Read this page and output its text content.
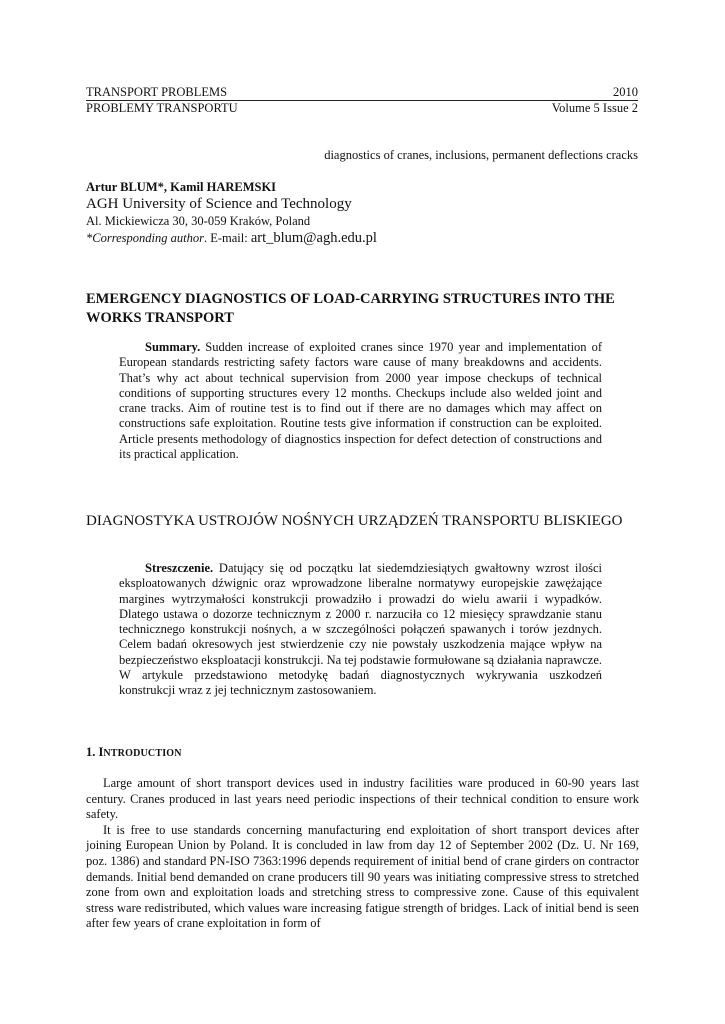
TRANSPORT PROBLEMS	2010
PROBLEMY TRANSPORTU	Volume 5 Issue 2
diagnostics of cranes, inclusions, permanent deflections cracks
Artur BLUM*, Kamil HAREMSKI
AGH University of Science and Technology
Al. Mickiewicza 30, 30-059 Kraków, Poland
*Corresponding author. E-mail: art_blum@agh.edu.pl
EMERGENCY DIAGNOSTICS OF LOAD-CARRYING STRUCTURES INTO THE WORKS TRANSPORT
Summary. Sudden increase of exploited cranes since 1970 year and implementation of European standards restricting safety factors ware cause of many breakdowns and accidents. That’s why act about technical supervision from 2000 year impose checkups of technical conditions of supporting structures every 12 months. Checkups include also welded joint and crane tracks. Aim of routine test is to find out if there are no damages which may affect on constructions safe exploitation. Routine tests give information if construction can be exploited. Article presents methodology of diagnostics inspection for defect detection of constructions and its practical application.
DIAGNOSTYKA USTROJÓW NOŚNYCH URZĄDZEŃ TRANSPORTU BLISKIEGO
Streszczenie. Datujący się od początku lat siedemdziesiątych gwałtowny wzrost ilości eksploatowanych dźwignic oraz wprowadzone liberalne normatywy europejskie zawężające margines wytrzymałości konstrukcji prowadziło i prowadzi do wielu awarii i wypadków. Dlatego ustawa o dozorze technicznym z 2000 r. narzuciła co 12 miesięcy sprawdzanie stanu technicznego konstrukcji nośnych, a w szczególności połączeń spawanych i torów jezdnych. Celem badań okresowych jest stwierdzenie czy nie powstały uszkodzenia mające wpływ na bezpieczeństwo eksploatacji konstrukcji. Na tej podstawie formułowane są działania naprawcze. W artykule przedstawiono metodykę badań diagnostycznych wykrywania uszkodzeń konstrukcji wraz z jej technicznym zastosowaniem.
1. INTRODUCTION

Large amount of short transport devices used in industry facilities ware produced in 60-90 years last century. Cranes produced in last years need periodic inspections of their technical condition to ensure work safety.

It is free to use standards concerning manufacturing end exploitation of short transport devices after joining European Union by Poland. It is concluded in law from day 12 of September 2002 (Dz. U. Nr 169, poz. 1386) and standard PN-ISO 7363:1996 depends requirement of initial bend of crane girders on contractor demands. Initial bend demanded on crane producers till 90 years was initiating compressive stress to stretched zone from own and exploitation loads and stretching stress to compressive zone. Cause of this equivalent stress ware redistributed, which values ware increasing fatigue strength of bridges. Lack of initial bend is seen after few years of crane exploitation in form of
